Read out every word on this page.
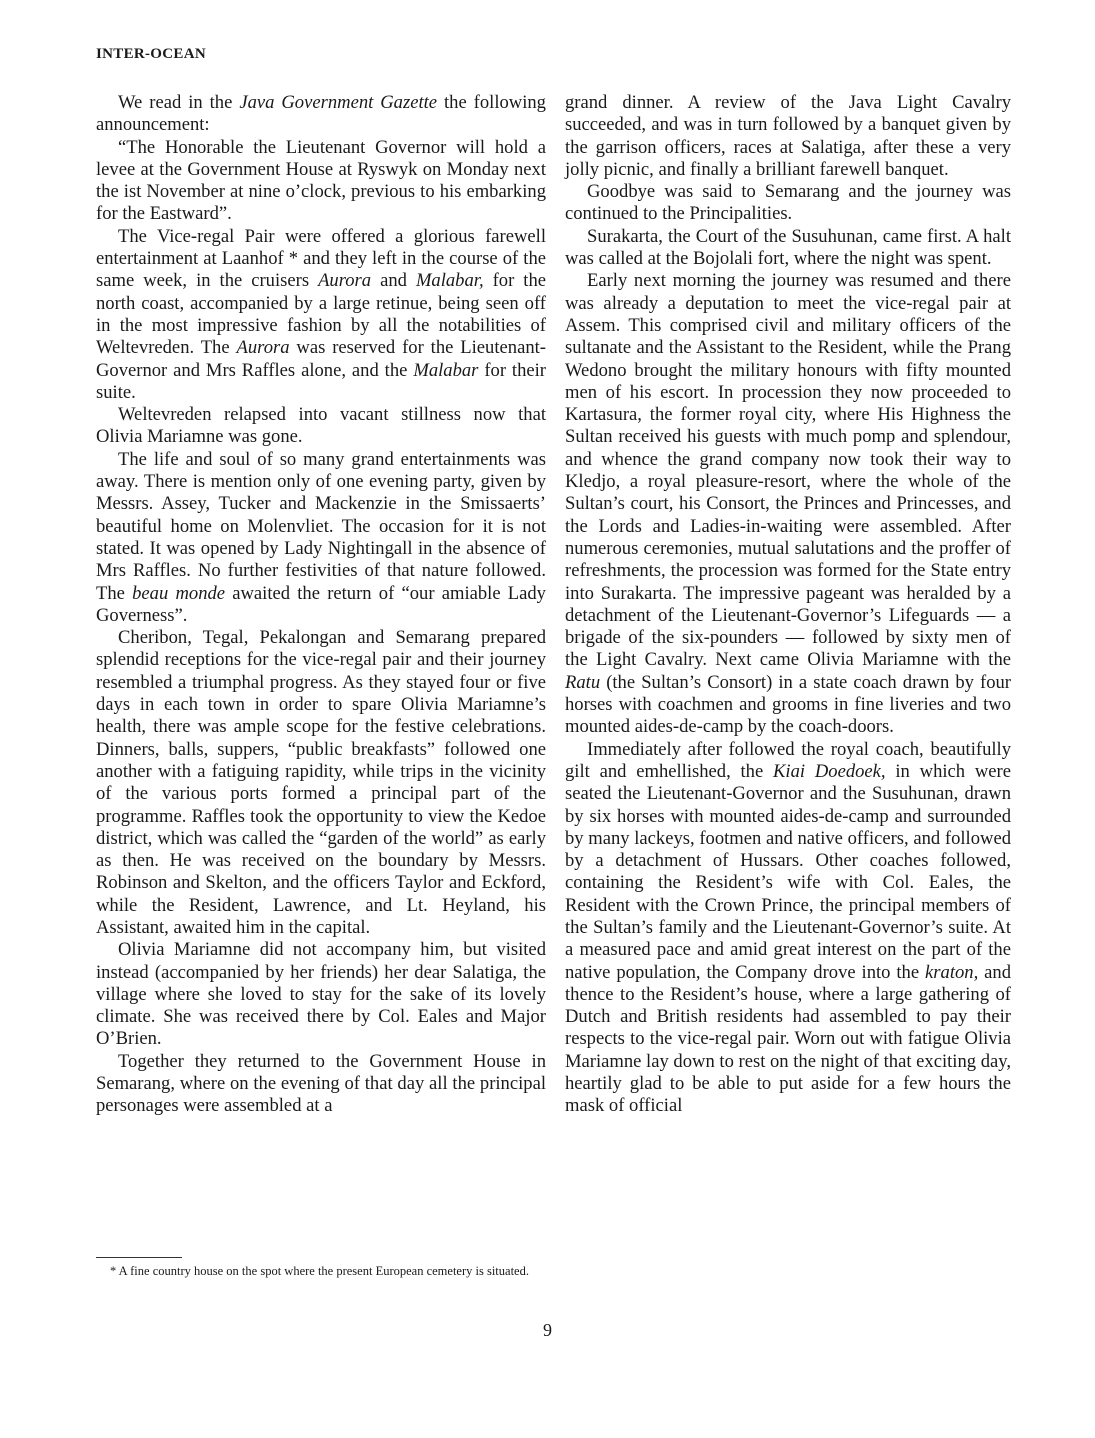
INTER-OCEAN

We read in the Java Government Gazette the following announcement:

“The Honorable the Lieutenant Governor will hold a levee at the Government House at Ryswyk on Monday next the ist November at nine o’clock, previous to his embarking for the Eastward”.

The Vice-regal Pair were offered a glorious farewell entertainment at Laanhof * and they left in the course of the same week, in the cruisers Aurora and Malabar, for the north coast, accompanied by a large retinue, being seen off in the most impressive fashion by all the notabilities of Weltevreden. The Aurora was reserved for the Lieutenant-Governor and Mrs Raffles alone, and the Malabar for their suite.

Weltevreden relapsed into vacant stillness now that Olivia Mariamne was gone.

The life and soul of so many grand entertainments was away. There is mention only of one evening party, given by Messrs. Assey, Tucker and Mackenzie in the Smissaerts’ beautiful home on Molenvliet. The occasion for it is not stated. It was opened by Lady Nightingall in the absence of Mrs Raffles. No further festivities of that nature followed. The beau monde awaited the return of “our amiable Lady Governess”.

Cheribon, Tegal, Pekalongan and Semarang prepared splendid receptions for the vice-regal pair and their journey resembled a triumphal progress. As they stayed four or five days in each town in order to spare Olivia Mariamne’s health, there was ample scope for the festive celebrations. Dinners, balls, suppers, “public breakfasts” followed one another with a fatiguing rapidity, while trips in the vicinity of the various ports formed a principal part of the programme. Raffles took the opportunity to view the Kedoe district, which was called the “garden of the world” as early as then. He was received on the boundary by Messrs. Robinson and Skelton, and the officers Taylor and Eckford, while the Resident, Lawrence, and Lt. Heyland, his Assistant, awaited him in the capital.

Olivia Mariamne did not accompany him, but visited instead (accompanied by her friends) her dear Salatiga, the village where she loved to stay for the sake of its lovely climate. She was received there by Col. Eales and Major O’Brien.

Together they returned to the Government House in Semarang, where on the evening of that day all the principal personages were assembled at a

grand dinner. A review of the Java Light Cavalry succeeded, and was in turn followed by a banquet given by the garrison officers, races at Salatiga, after these a very jolly picnic, and finally a brilliant farewell banquet.

Goodbye was said to Semarang and the journey was continued to the Principalities.

Surakarta, the Court of the Susuhunan, came first. A halt was called at the Bojolali fort, where the night was spent.

Early next morning the journey was resumed and there was already a deputation to meet the vice-regal pair at Assem. This comprised civil and military officers of the sultanate and the Assistant to the Resident, while the Prang Wedono brought the military honours with fifty mounted men of his escort. In procession they now proceeded to Kartasura, the former royal city, where His Highness the Sultan received his guests with much pomp and splendour, and whence the grand company now took their way to Kledjo, a royal pleasure-resort, where the whole of the Sultan’s court, his Consort, the Princes and Princesses, and the Lords and Ladies-in-waiting were assembled. After numerous ceremonies, mutual salutations and the proffer of refreshments, the procession was formed for the State entry into Surakarta. The impressive pageant was heralded by a detachment of the Lieutenant-Governor’s Lifeguards — a brigade of the six-pounders — followed by sixty men of the Light Cavalry. Next came Olivia Mariamne with the Ratu (the Sultan’s Consort) in a state coach drawn by four horses with coachmen and grooms in fine liveries and two mounted aides-de-camp by the coach-doors.

Immediately after followed the royal coach, beautifully gilt and emhellished, the Kiai Doedoek, in which were seated the Lieutenant-Governor and the Susuhunan, drawn by six horses with mounted aides-de-camp and surrounded by many lackeys, footmen and native officers, and followed by a detachment of Hussars. Other coaches followed, containing the Resident’s wife with Col. Eales, the Resident with the Crown Prince, the principal members of the Sultan’s family and the Lieutenant-Governor’s suite. At a measured pace and amid great interest on the part of the native population, the Company drove into the kraton, and thence to the Resident’s house, where a large gathering of Dutch and British residents had assembled to pay their respects to the vice-regal pair. Worn out with fatigue Olivia Mariamne lay down to rest on the night of that exciting day, heartily glad to be able to put aside for a few hours the mask of official

* A fine country house on the spot where the present European cemetery is situated.
9
